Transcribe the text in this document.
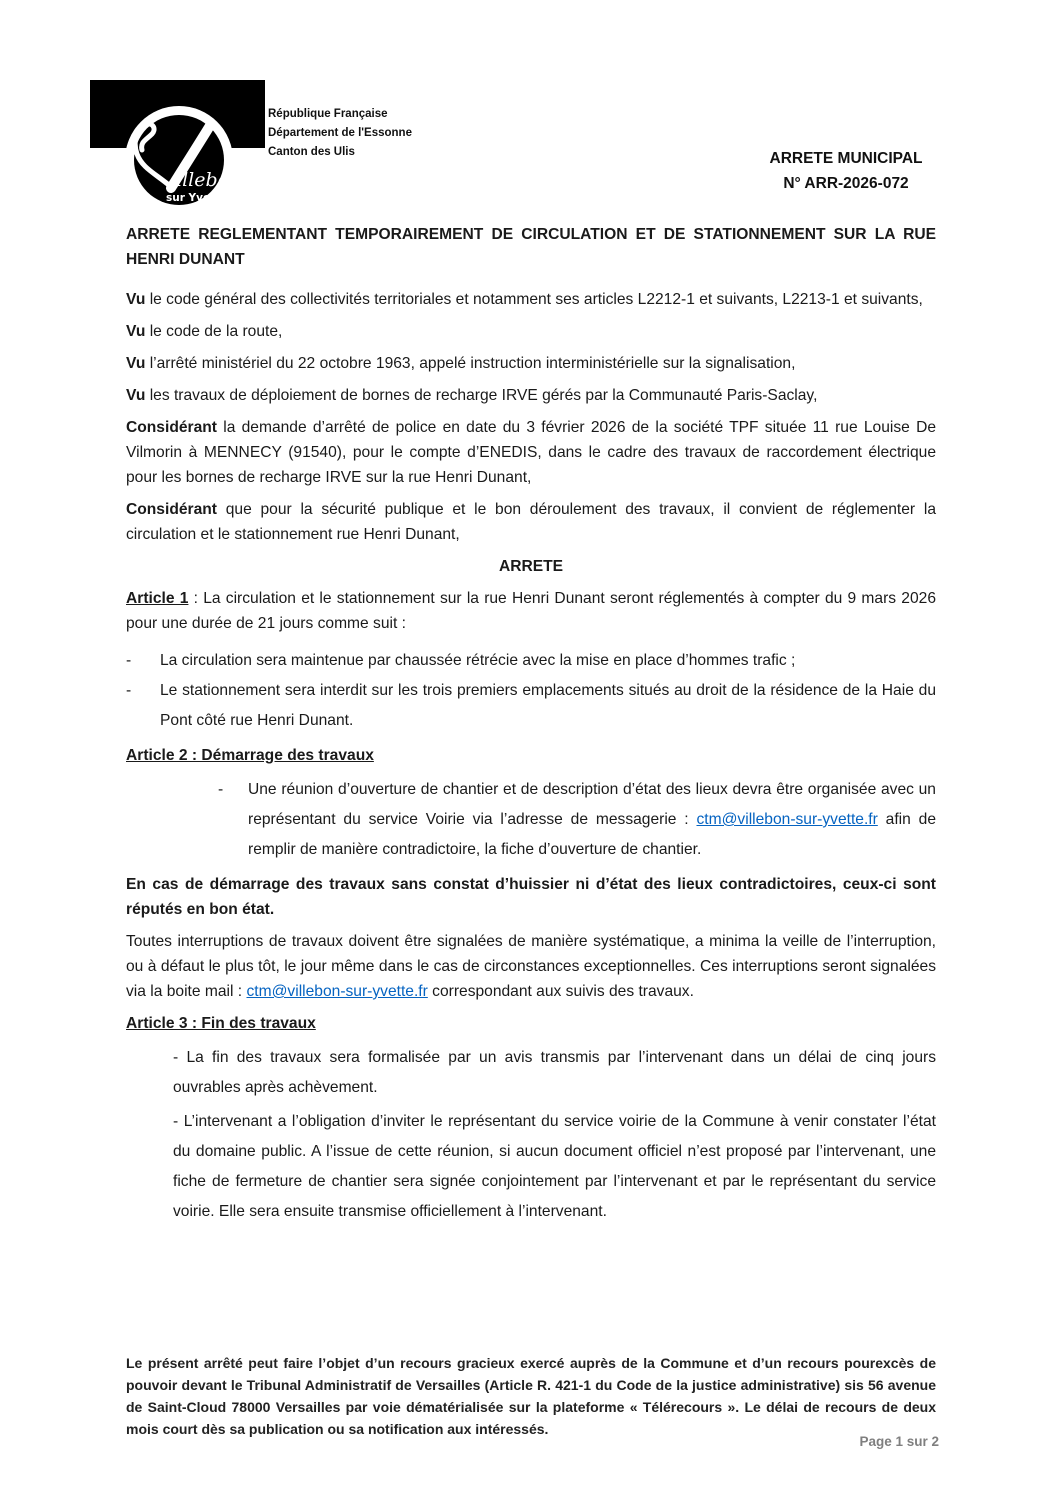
illebon
sur Yvette
République Française
Département de l'Essonne
Canton des Ulis	ARRETE MUNICIPAL
N° ARR-2026-072

ARRETE REGLEMENTANT TEMPORAIREMENT DE CIRCULATION ET DE STATIONNEMENT SUR LA RUE HENRI DUNANT

Vu le code général des collectivités territoriales et notamment ses articles L2212-1 et suivants, L2213-1 et suivants,

Vu le code de la route,

Vu l’arrêté ministériel du 22 octobre 1963, appelé instruction interministérielle sur la signalisation,

Vu les travaux de déploiement de bornes de recharge IRVE gérés par la Communauté Paris-Saclay,

Considérant la demande d’arrêté de police en date du 3 février 2026 de la société TPF située 11 rue Louise De Vilmorin à MENNECY (91540), pour le compte d’ENEDIS, dans le cadre des travaux de raccordement électrique pour les bornes de recharge IRVE sur la rue Henri Dunant,

Considérant que pour la sécurité publique et le bon déroulement des travaux, il convient de réglementer la circulation et le stationnement rue Henri Dunant,

ARRETE

Article 1 : La circulation et le stationnement sur la rue Henri Dunant seront réglementés à compter du 9 mars 2026 pour une durée de 21 jours comme suit :

-	La circulation sera maintenue par chaussée rétrécie avec la mise en place d’hommes trafic ;
-	Le stationnement sera interdit sur les trois premiers emplacements situés au droit de la résidence de la Haie du Pont côté rue Henri Dunant.

Article 2 : Démarrage des travaux

-	Une réunion d’ouverture de chantier et de description d’état des lieux devra être organisée avec un représentant du service Voirie via l’adresse de messagerie : ctm@villebon-sur-yvette.fr afin de remplir de manière contradictoire, la fiche d’ouverture de chantier.

En cas de démarrage des travaux sans constat d’huissier ni d’état des lieux contradictoires, ceux-ci sont réputés en bon état.

Toutes interruptions de travaux doivent être signalées de manière systématique, a minima la veille de l’interruption, ou à défaut le plus tôt, le jour même dans le cas de circonstances exceptionnelles. Ces interruptions seront signalées via la boite mail : ctm@villebon-sur-yvette.fr correspondant aux suivis des travaux.

Article 3 : Fin des travaux

- La fin des travaux sera formalisée par un avis transmis par l’intervenant dans un délai de cinq jours ouvrables après achèvement.

- L’intervenant a l’obligation d’inviter le représentant du service voirie de la Commune à venir constater l’état du domaine public. A l’issue de cette réunion, si aucun document officiel n’est proposé par l’intervenant, une fiche de fermeture de chantier sera signée conjointement par l’intervenant et par le représentant du service voirie. Elle sera ensuite transmise officiellement à l’intervenant.

Le présent arrêté peut faire l’objet d’un recours gracieux exercé auprès de la Commune et d’un recours pourexcès de pouvoir devant le Tribunal Administratif de Versailles (Article R. 421-1 du Code de la justice administrative) sis 56 avenue de Saint-Cloud 78000 Versailles par voie dématérialisée sur la plateforme « Télérecours ». Le délai de recours de deux mois court dès sa publication ou sa notification aux intéressés.
Page 1 sur 2
